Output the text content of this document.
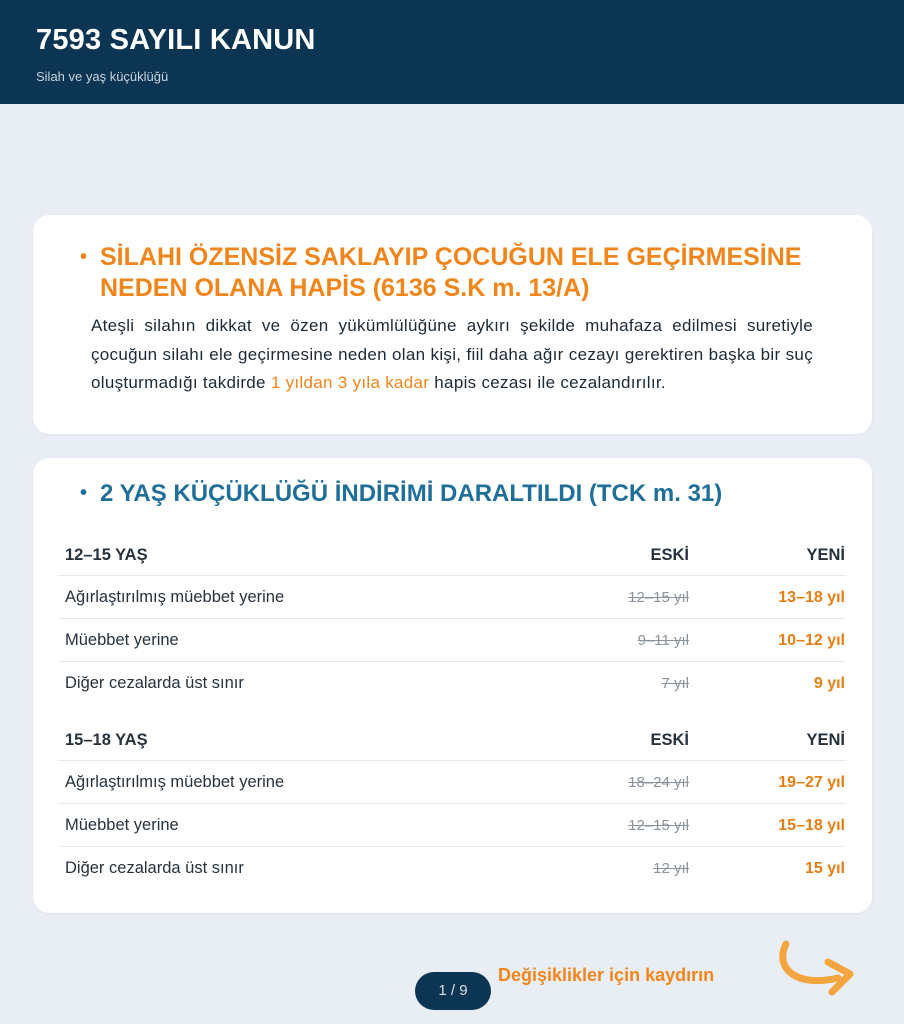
7593 SAYILI KANUN
Silah ve yaş küçüklüğü
• SİLAHI ÖZENSİZ SAKLAYIP ÇOCUĞUN ELE GEÇİRMESİNE NEDEN OLANA HAPİS (6136 S.K m. 13/A)
Ateşli silahın dikkat ve özen yükümlülüğüne aykırı şekilde muhafaza edilmesi suretiyle çocuğun silahı ele geçirmesine neden olan kişi, fiil daha ağır cezayı gerektiren başka bir suç oluşturmadığı takdirde 1 yıldan 3 yıla kadar hapis cezası ile cezalandırılır.
• 2 YAŞ KÜÇÜKLÜĞÜ İNDİRİMİ DARALTILDI (TCK m. 31)
12–15 YAŞ	ESKİ	YENİ
Ağırlaştırılmış müebbet yerine	12–15 yıl	13–18 yıl
Müebbet yerine	9–11 yıl	10–12 yıl
Diğer cezalarda üst sınır	7 yıl	9 yıl
15–18 YAŞ	ESKİ	YENİ
Ağırlaştırılmış müebbet yerine	18–24 yıl	19–27 yıl
Müebbet yerine	12–15 yıl	15–18 yıl
Diğer cezalarda üst sınır	12 yıl	15 yıl
1 / 9
Değişiklikler için kaydırın
